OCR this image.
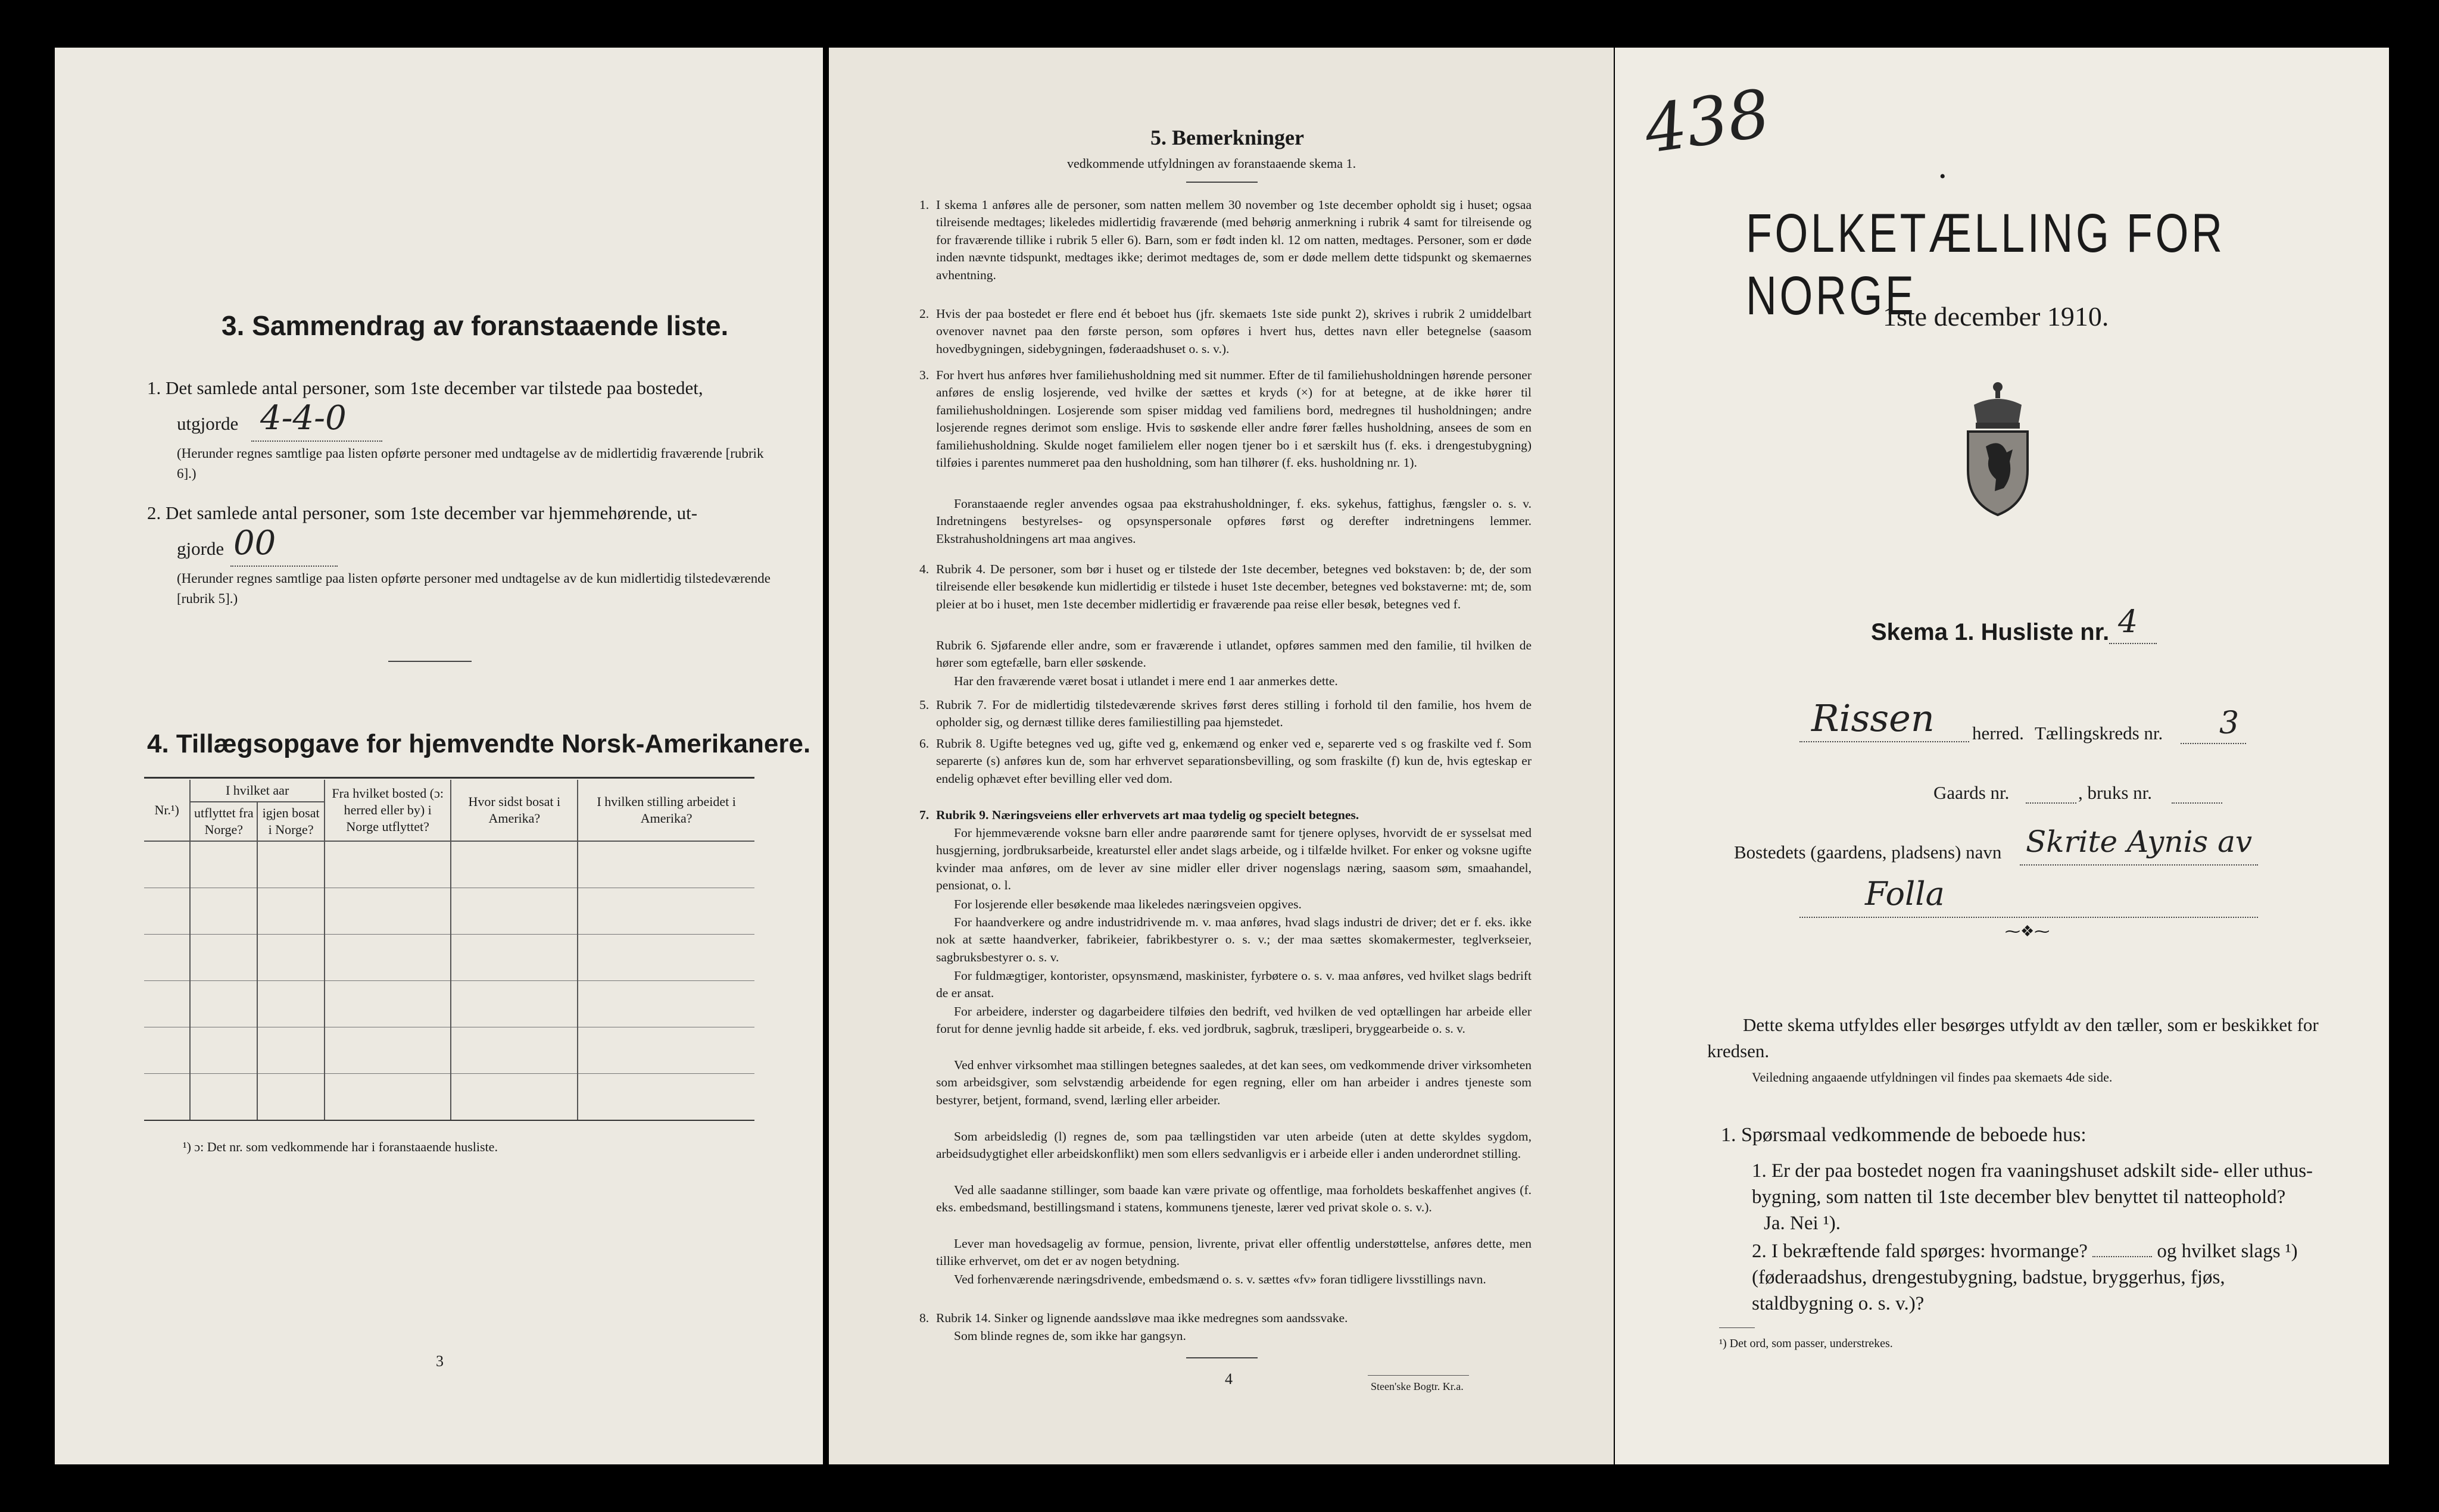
3. Sammendrag av foranstaaende liste.
1. Det samlede antal personer, som 1ste december var tilstede paa bostedet,
utgjorde 4-4-0
(Herunder regnes samtlige paa listen opførte personer med undtagelse av de midlertidig fraværende [rubrik 6].)
2. Det samlede antal personer, som 1ste december var hjemmehørende, ut-
gjorde 00
(Herunder regnes samtlige paa listen opførte personer med undtagelse av de kun midlertidig tilstedeværende [rubrik 5].)
4. Tillægsopgave for hjemvendte Norsk-Amerikanere.
Nr.¹)	I hvilket aar		Fra hvilket bosted (ɔ: herred eller by) i Norge utflyttet?	Hvor sidst bosat i Amerika?	I hvilken stilling arbeidet i Amerika?
	utflyttet fra Norge?	igjen bosat i Norge?			

¹) ɔ: Det nr. som vedkommende har i foranstaaende husliste.
3
5. Bemerkninger
vedkommende utfyldningen av foranstaaende skema 1.
1. I skema 1 anføres alle de personer, som natten mellem 30 november og 1ste december opholdt sig i huset; ogsaa tilreisende medtages; likeledes midlertidig fraværende (med behørig anmerkning i rubrik 4 samt for tilreisende og for fraværende tillike i rubrik 5 eller 6). Barn, som er født inden kl. 12 om natten, medtages. Personer, som er døde inden nævnte tidspunkt, medtages ikke; derimot medtages de, som er døde mellem dette tidspunkt og skemaernes avhentning.
2. Hvis der paa bostedet er flere end ét beboet hus (jfr. skemaets 1ste side punkt 2), skrives i rubrik 2 umiddelbart ovenover navnet paa den første person, som opføres i hvert hus, dettes navn eller betegnelse (saasom hovedbygningen, sidebygningen, føderaadshuset o. s. v.).
3. For hvert hus anføres hver familiehusholdning med sit nummer. Efter de til familiehusholdningen hørende personer anføres de enslig losjerende, ved hvilke der sættes et kryds (×) for at betegne, at de ikke hører til familiehusholdningen. Losjerende som spiser middag ved familiens bord, medregnes til husholdningen; andre losjerende regnes derimot som enslige. Hvis to søskende eller andre fører fælles husholdning, ansees de som en familiehusholdning. Skulde noget familielem eller nogen tjener bo i et særskilt hus (f. eks. i drengestubygning) tilføies i parentes nummeret paa den husholdning, som han tilhører (f. eks. husholdning nr. 1).
Foranstaaende regler anvendes ogsaa paa ekstrahusholdninger, f. eks. sykehus, fattighus, fængsler o. s. v. Indretningens bestyrelses- og opsynspersonale opføres først og derefter indretningens lemmer. Ekstrahusholdningens art maa angives.
4. Rubrik 4. De personer, som bør i huset og er tilstede der 1ste december, betegnes ved bokstaven: b; de, der som tilreisende eller besøkende kun midlertidig er tilstede i huset 1ste december, betegnes ved bokstaverne: mt; de, som pleier at bo i huset, men 1ste december midlertidig er fraværende paa reise eller besøk, betegnes ved f.
Rubrik 6. Sjøfarende eller andre, som er fraværende i utlandet, opføres sammen med den familie, til hvilken de hører som egtefælle, barn eller søskende.
Har den fraværende været bosat i utlandet i mere end 1 aar anmerkes dette.
5. Rubrik 7. For de midlertidig tilstedeværende skrives først deres stilling i forhold til den familie, hos hvem de opholder sig, og dernæst tillike deres familiestilling paa hjemstedet.
6. Rubrik 8. Ugifte betegnes ved ug, gifte ved g, enkemænd og enker ved e, separerte ved s og fraskilte ved f. Som separerte (s) anføres kun de, som har erhvervet separationsbevilling, og som fraskilte (f) kun de, hvis egteskap er endelig ophævet efter bevilling eller ved dom.
7. Rubrik 9. Næringsveiens eller erhvervets art maa tydelig og specielt betegnes.
For hjemmeværende voksne barn eller andre paarørende samt for tjenere oplyses, hvorvidt de er sysselsat med husgjerning, jordbruksarbeide, kreaturstel eller andet slags arbeide, og i tilfælde hvilket. For enker og voksne ugifte kvinder maa anføres, om de lever av sine midler eller driver nogenslags næring, saasom søm, smaahandel, pensionat, o. l.
For losjerende eller besøkende maa likeledes næringsveien opgives.
For haandverkere og andre industridrivende m. v. maa anføres, hvad slags industri de driver; det er f. eks. ikke nok at sætte haandverker, fabrikeier, fabrikbestyrer o. s. v.; der maa sættes skomakermester, teglverkseier, sagbruksbestyrer o. s. v.
For fuldmægtiger, kontorister, opsynsmænd, maskinister, fyrbøtere o. s. v. maa anføres, ved hvilket slags bedrift de er ansat.
For arbeidere, inderster og dagarbeidere tilføies den bedrift, ved hvilken de ved optællingen har arbeide eller forut for denne jevnlig hadde sit arbeide, f. eks. ved jordbruk, sagbruk, træsliperi, bryggearbeide o. s. v.
Ved enhver virksomhet maa stillingen betegnes saaledes, at det kan sees, om vedkommende driver virksomheten som arbeidsgiver, som selvstændig arbeidende for egen regning, eller om han arbeider i andres tjeneste som bestyrer, betjent, formand, svend, lærling eller arbeider.
Som arbeidsledig (l) regnes de, som paa tællingstiden var uten arbeide (uten at dette skyldes sygdom, arbeidsudygtighet eller arbeidskonflikt) men som ellers sedvanligvis er i arbeide eller i anden underordnet stilling.
Ved alle saadanne stillinger, som baade kan være private og offentlige, maa forholdets beskaffenhet angives (f. eks. embedsmand, bestillingsmand i statens, kommunens tjeneste, lærer ved privat skole o. s. v.).
Lever man hovedsagelig av formue, pension, livrente, privat eller offentlig understøttelse, anføres dette, men tillike erhvervet, om det er av nogen betydning.
Ved forhenværende næringsdrivende, embedsmænd o. s. v. sættes «fv» foran tidligere livsstillings navn.
8. Rubrik 14. Sinker og lignende aandssløve maa ikke medregnes som aandssvake.
Som blinde regnes de, som ikke har gangsyn.
4	Steen'ske Bogtr. Kr.a.
438
•
FOLKETÆLLING FOR NORGE
1ste december 1910.
Skema 1. Husliste nr. 4
Rissen herred. Tællingskreds nr. 3
Gaards nr.	, bruks nr.
Bostedets (gaardens, pladsens) navn Skrite Aynis av
Folla
⁓❖⁓
Dette skema utfyldes eller besørges utfyldt av den tæller, som er beskikket for kredsen.
Veiledning angaaende utfyldningen vil findes paa skemaets 4de side.
1. Spørsmaal vedkommende de beboede hus:
1. Er der paa bostedet nogen fra vaaningshuset adskilt side- eller uthus-bygning, som natten til 1ste december blev benyttet til natteophold? Ja. Nei ¹).
2. I bekræftende fald spørges: hvormange?	og hvilket slags ¹) (føderaadshus, drengestubygning, badstue, bryggerhus, fjøs, staldbygning o. s. v.)?
¹) Det ord, som passer, understrekes.
